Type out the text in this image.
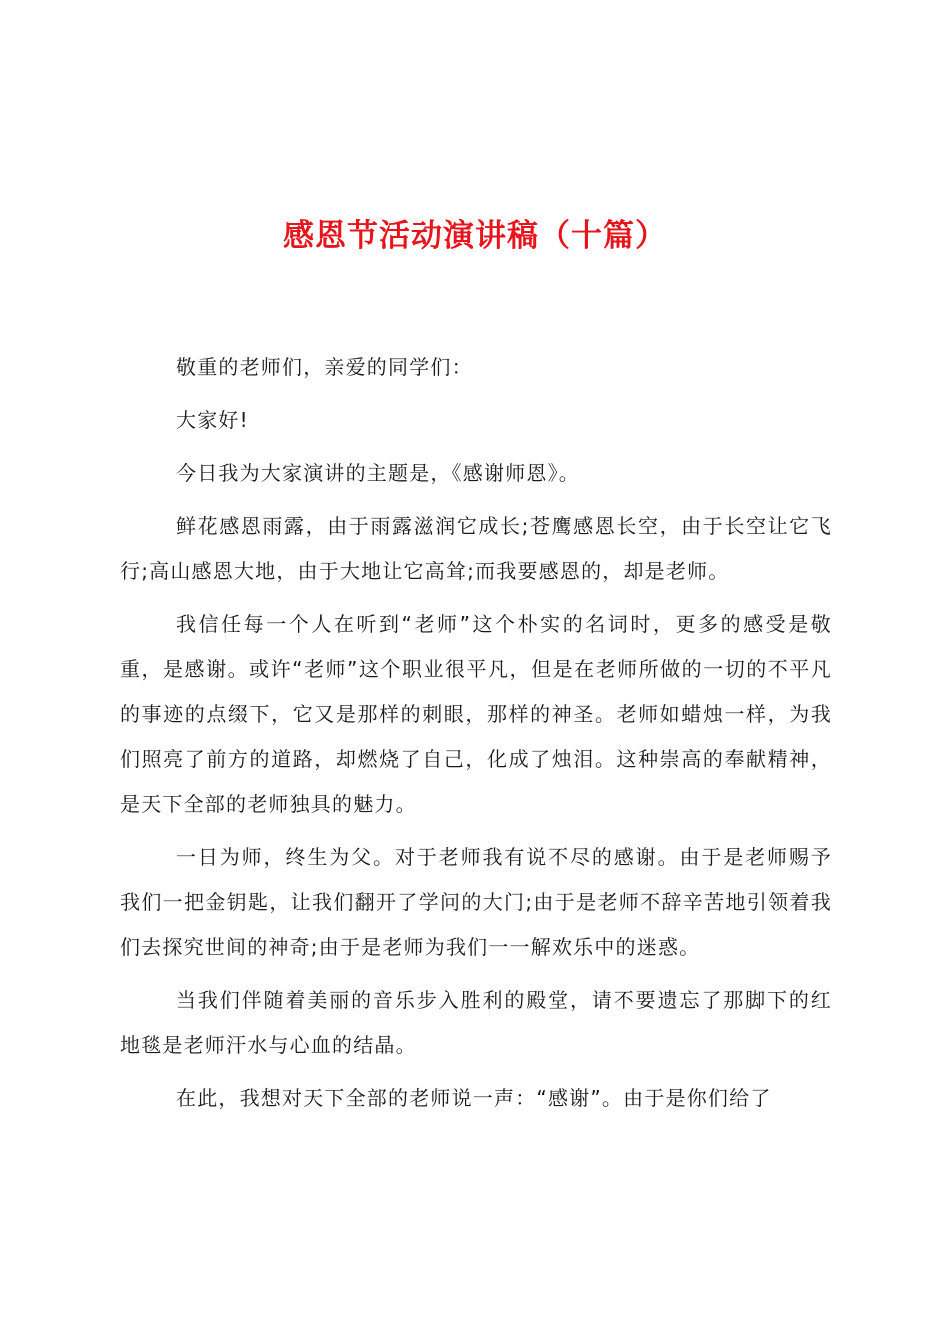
感恩节活动演讲稿（十篇）

敬重的老师们，亲爱的同学们：

大家好!

今日我为大家演讲的主题是，《感谢师恩》。

鲜花感恩雨露，由于雨露滋润它成长;苍鹰感恩长空，由于长空让它飞行;高山感恩大地，由于大地让它高耸;而我要感恩的，却是老师。

我信任每一个人在听到“老师”这个朴实的名词时，更多的感受是敬重，是感谢。或许“老师”这个职业很平凡，但是在老师所做的一切的不平凡的事迹的点缀下，它又是那样的刺眼，那样的神圣。老师如蜡烛一样，为我们照亮了前方的道路，却燃烧了自己，化成了烛泪。这种崇高的奉献精神，是天下全部的老师独具的魅力。

一日为师，终生为父。对于老师我有说不尽的感谢。由于是老师赐予我们一把金钥匙，让我们翻开了学问的大门;由于是老师不辞辛苦地引领着我们去探究世间的神奇;由于是老师为我们一一解欢乐中的迷惑。

当我们伴随着美丽的音乐步入胜利的殿堂，请不要遗忘了那脚下的红地毯是老师汗水与心血的结晶。

在此，我想对天下全部的老师说一声：“感谢”。由于是你们给了
